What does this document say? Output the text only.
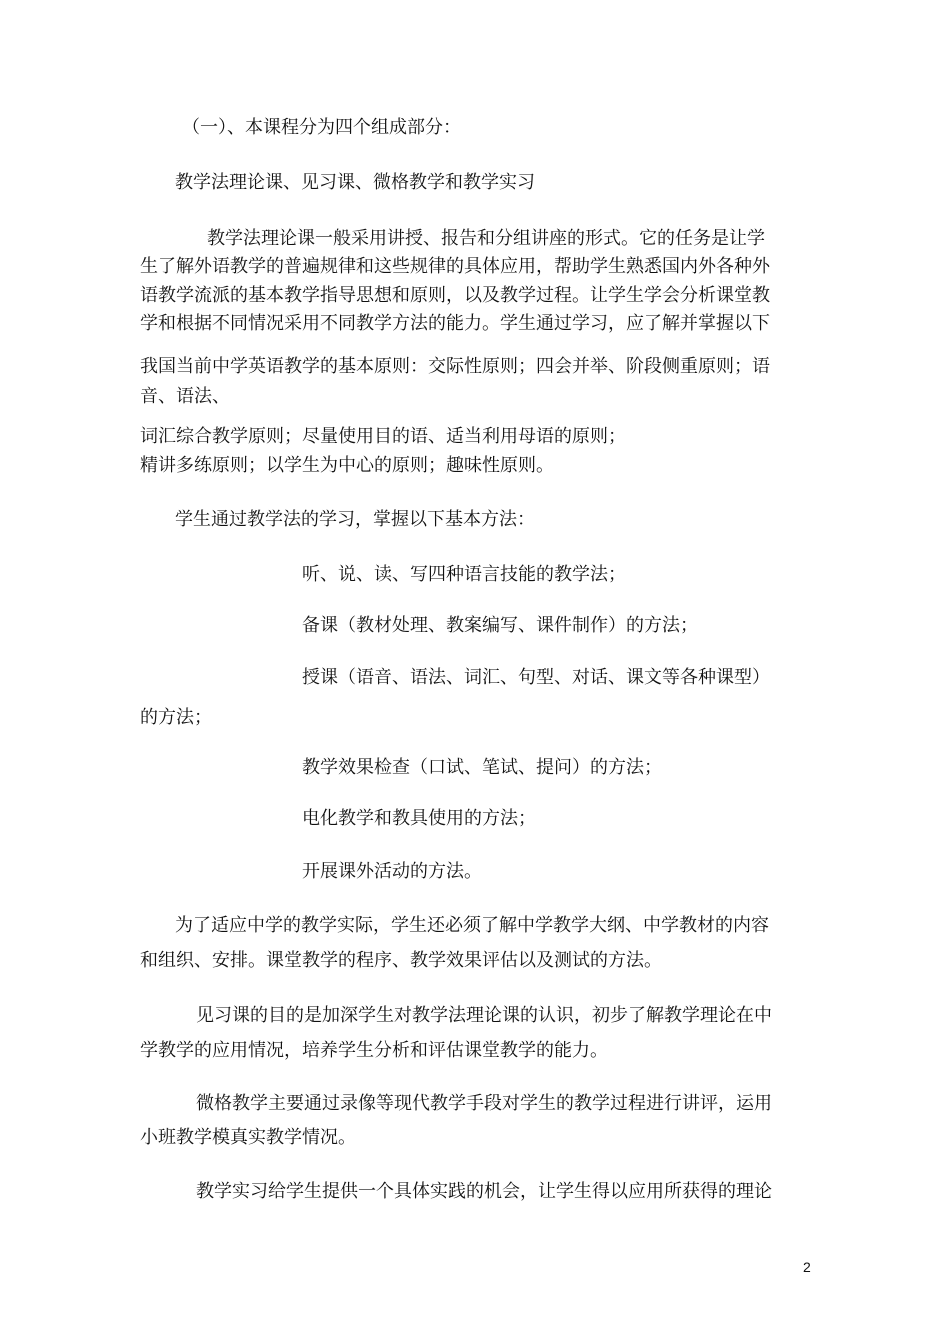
（一）、本课程分为四个组成部分：

教学法理论课、见习课、微格教学和教学实习

教学法理论课一般采用讲授、报告和分组讲座的形式。它的任务是让学

生了解外语教学的普遍规律和这些规律的具体应用，帮助学生熟悉国内外各种外

语教学流派的基本教学指导思想和原则，以及教学过程。让学生学会分析课堂教

学和根据不同情况采用不同教学方法的能力。学生通过学习，应了解并掌握以下

我国当前中学英语教学的基本原则：交际性原则；四会并举、阶段侧重原则；语

音、语法、

词汇综合教学原则；尽量使用目的语、适当利用母语的原则；

精讲多练原则；以学生为中心的原则；趣味性原则。

学生通过教学法的学习，掌握以下基本方法：

听、说、读、写四种语言技能的教学法；

备课（教材处理、教案编写、课件制作）的方法；

授课（语音、语法、词汇、句型、对话、课文等各种课型）

的方法；

教学效果检查（口试、笔试、提问）的方法；

电化教学和教具使用的方法；

开展课外活动的方法。

为了适应中学的教学实际，学生还必须了解中学教学大纲、中学教材的内容

和组织、安排。课堂教学的程序、教学效果评估以及测试的方法。

见习课的目的是加深学生对教学法理论课的认识，初步了解教学理论在中

学教学的应用情况，培养学生分析和评估课堂教学的能力。

微格教学主要通过录像等现代教学手段对学生的教学过程进行讲评，运用

小班教学模真实教学情况。

教学实习给学生提供一个具体实践的机会，让学生得以应用所获得的理论

2
